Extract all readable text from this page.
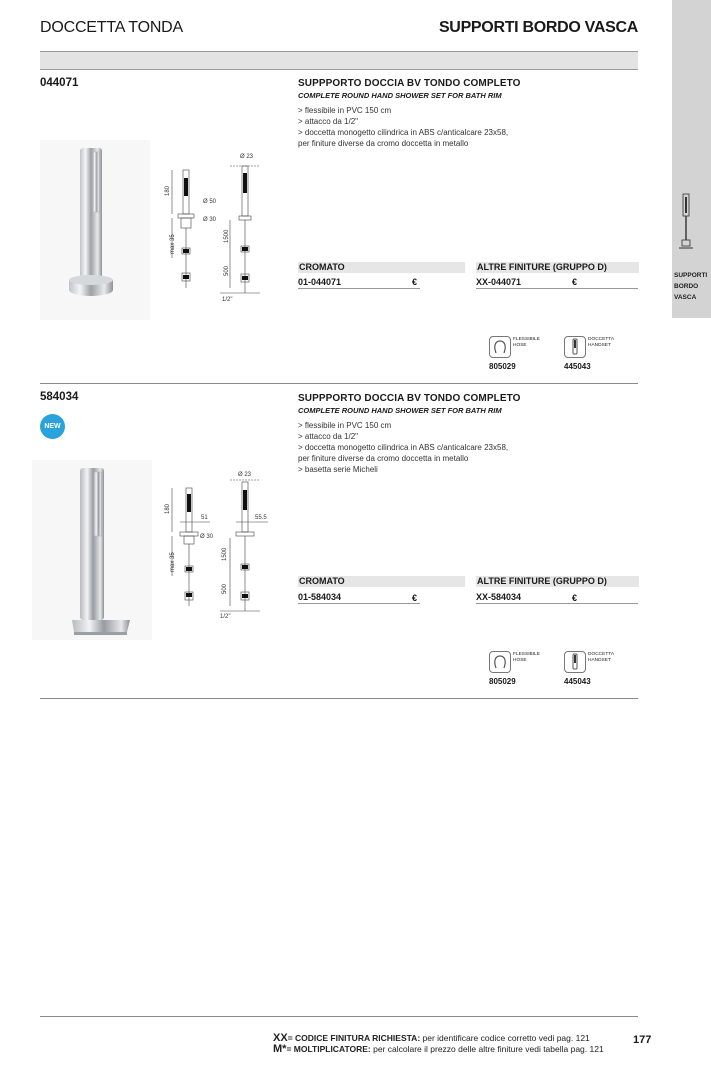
DOCCETTA TONDA	SUPPORTI BORDO VASCA
SUPPORTI
BORDO
VASCA
044071	SUPPPORTO DOCCIA BV TONDO COMPLETO
COMPLETE ROUND HAND SHOWER SET FOR BATH RIM
> flessibile in PVC 150 cm
> attacco da 1/2"
> doccetta monogetto cilindrica in ABS c/anticalcare 23x58,
per finiture diverse da cromo doccetta in metallo
Ø 23
180
Ø 50
Ø 30
max 35	1500
500
1/2"
CROMATO	ALTRE FINITURE (GRUPPO D)
01-044071	€	XX-044071	€
FLESSIBILE
HOSE
805029
DOCCETTA
HANDSET
445043
584034
NEW
SUPPPORTO DOCCIA BV TONDO COMPLETO
COMPLETE ROUND HAND SHOWER SET FOR BATH RIM
> flessibile in PVC 150 cm
> attacco da 1/2"
> doccetta monogetto cilindrica in ABS c/anticalcare 23x58,
per finiture diverse da cromo doccetta in metallo
> basetta serie Micheli
Ø 23
180
51	55.5
Ø 30
max 35	1500
500
1/2"
CROMATO	ALTRE FINITURE (GRUPPO D)
01-584034	€	XX-584034	€
FLESSIBILE
HOSE
805029
DOCCETTA
HANDSET
445043
XX= CODICE FINITURA RICHIESTA: per identificare codice corretto vedi pag. 121
M*= MOLTIPLICATORE: per calcolare il prezzo delle altre finiture vedi tabella pag. 121
177
